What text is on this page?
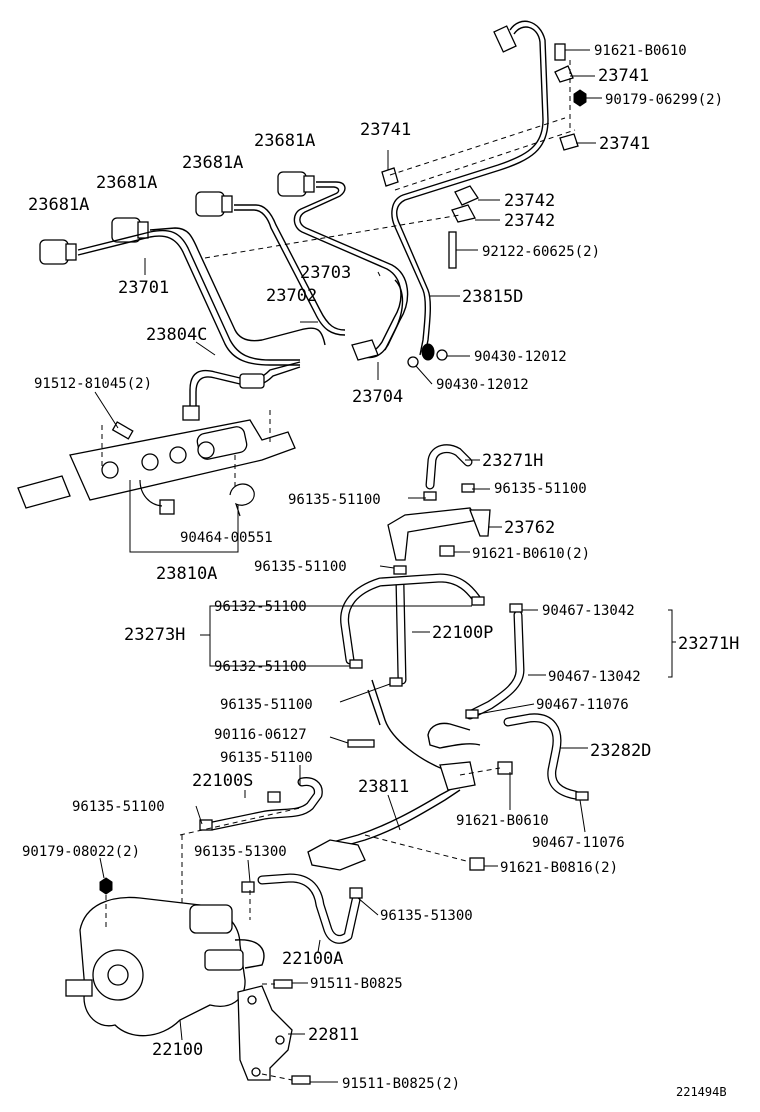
91621-B0610
23741
90179-06299(2)
23741
23741
23681A
23681A
23681A
23681A	23742
23742
92122-60625(2)
23703
23701	23702	23815D
23804C
90430-12012
90430-12012
91512-81045(2)
23704
23271H
96135-51100
96135-51100
23762
90464-00551
91621-B0610(2)
96135-51100
23810A
96132-51100	90467-13042
23273H	22100P
23271H
96132-51100
90467-13042
96135-51100	90467-11076
90116-06127
96135-51100	23282D
22100S	23811
96135-51100
91621-B0610
90467-11076
90179-08022(2)	96135-51300
91621-B0816(2)
96135-51300
22100A
91511-B0825
22811
22100
91511-B0825(2)	221494B
